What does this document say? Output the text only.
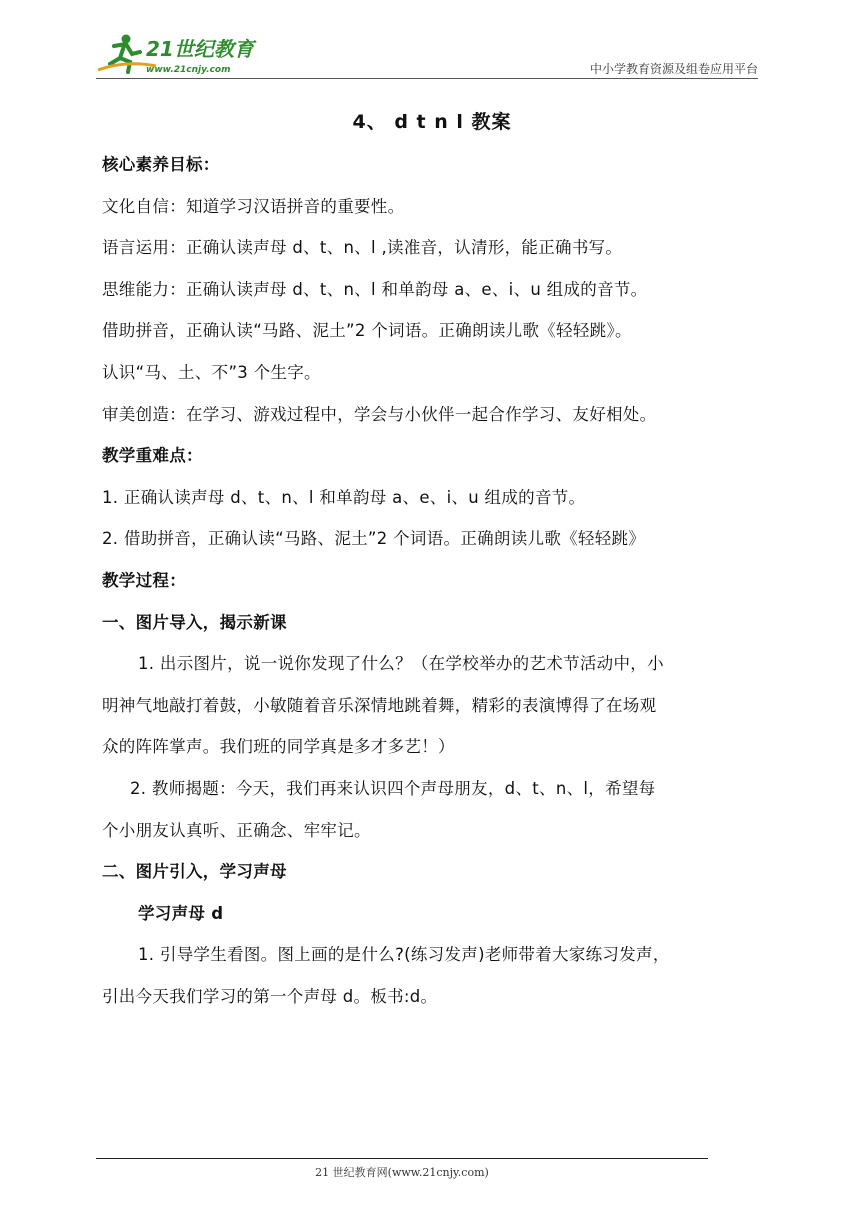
21世纪教育
www.21cnjy.com	中小学教育资源及组卷应用平台
4、 d t n l 教案
核心素养目标：
文化自信：知道学习汉语拼音的重要性。
语言运用：正确认读声母 d、t、n、l ,读准音，认清形，能正确书写。
思维能力：正确认读声母 d、t、n、l 和单韵母 a、e、i、u 组成的音节。
借助拼音，正确认读“马路、泥土”2 个词语。正确朗读儿歌《轻轻跳》。
认识“马、土、不”3 个生字。
审美创造：在学习、游戏过程中，学会与小伙伴一起合作学习、友好相处。
教学重难点：
1. 正确认读声母 d、t、n、l 和单韵母 a、e、i、u 组成的音节。
2. 借助拼音，正确认读“马路、泥土”2 个词语。正确朗读儿歌《轻轻跳》
教学过程：
一、图片导入，揭示新课
1. 出示图片，说一说你发现了什么？（在学校举办的艺术节活动中，小
明神气地敲打着鼓，小敏随着音乐深情地跳着舞，精彩的表演博得了在场观
众的阵阵掌声。我们班的同学真是多才多艺！）
2. 教师揭题：今天，我们再来认识四个声母朋友，d、t、n、l，希望每
个小朋友认真听、正确念、牢牢记。
二、图片引入，学习声母
学习声母 d
1. 引导学生看图。图上画的是什么?(练习发声)老师带着大家练习发声，
引出今天我们学习的第一个声母 d。板书:d。
21 世纪教育网(www.21cnjy.com)
